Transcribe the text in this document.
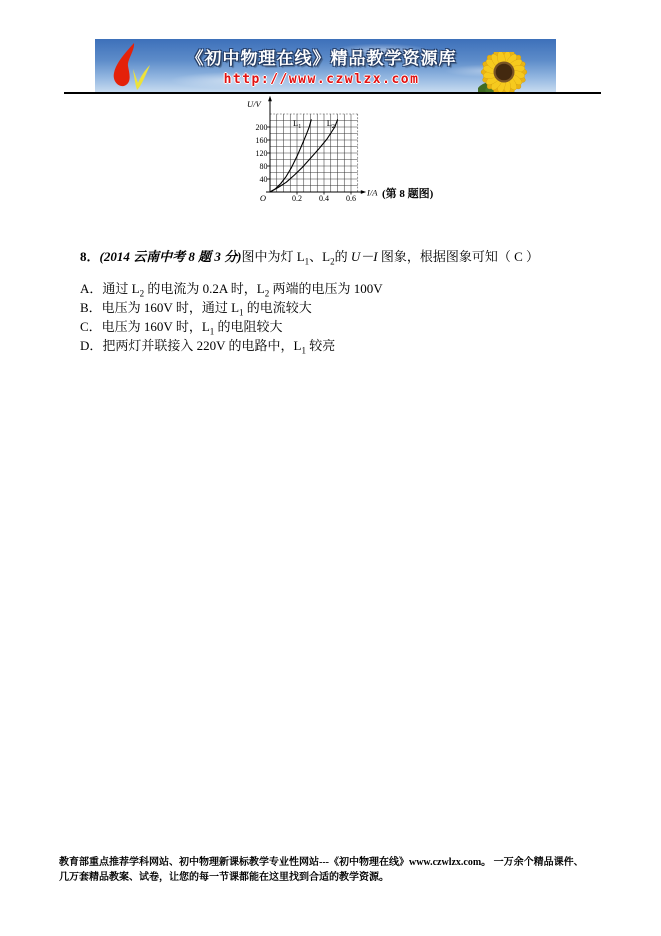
《初中物理在线》精品教学资源库
http://www.czwlzx.com
40
80
120
160
200
0.2 0.4 0.6
$L_1$	$L_2$
U/V
I/A
O	(第 8 题图)
8．(2014 云南中考 8 题 3 分)图中为灯 $L_1$、$L_2$的 U－I 图象，根据图象可知（ C ）
A．通过 $L_2$ 的电流为 0.2A 时，$L_2$ 两端的电压为 100V
B．电压为 160V 时，通过 $L_1$ 的电流较大
C．电压为 160V 时，$L_1$ 的电阻较大
D．把两灯并联接入 220V 的电路中，$L_1$ 较亮
教育部重点推荐学科网站、初中物理新课标教学专业性网站---《初中物理在线》www.czwlzx.com。 一万余个精品课件、
几万套精品教案、试卷，让您的每一节课都能在这里找到合适的教学资源。
